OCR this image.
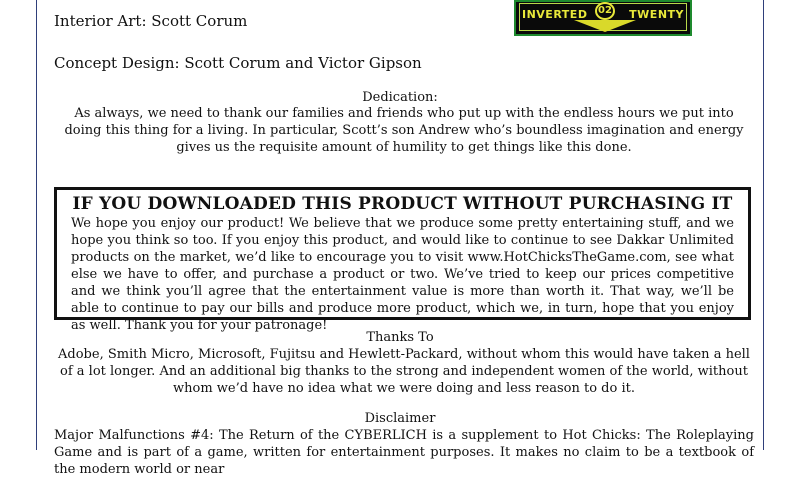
Interior Art: Scott Corum
Concept Design: Scott Corum and Victor Gipson
INVERTED	02 TWENTY
Dedication:
As always, we need to thank our families and friends who put up with the endless hours we put into doing this thing for a living. In particular, Scott’s son Andrew who’s boundless imagination and energy gives us the requisite amount of humility to get things like this done.
IF YOU DOWNLOADED THIS PRODUCT WITHOUT PURCHASING IT
We hope you enjoy our product! We believe that we produce some pretty entertaining stuff, and we hope you think so too. If you enjoy this product, and would like to continue to see Dakkar Unlimited products on the market, we’d like to encourage you to visit www.HotChicksTheGame.com, see what else we have to offer, and purchase a product or two. We’ve tried to keep our prices competitive and we think you’ll agree that the entertainment value is more than worth it. That way, we’ll be able to continue to pay our bills and produce more product, which we, in turn, hope that you enjoy as well. Thank you for your patronage!
Thanks To
Adobe, Smith Micro, Microsoft, Fujitsu and Hewlett-Packard, without whom this would have taken a hell of a lot longer. And an additional big thanks to the strong and independent women of the world, without whom we’d have no idea what we were doing and less reason to do it.
Disclaimer
Major Malfunctions #4: The Return of the CYBERLICH is a supplement to Hot Chicks: The Roleplaying Game and is part of a game, written for entertainment purposes. It makes no claim to be a textbook of the modern world or near
